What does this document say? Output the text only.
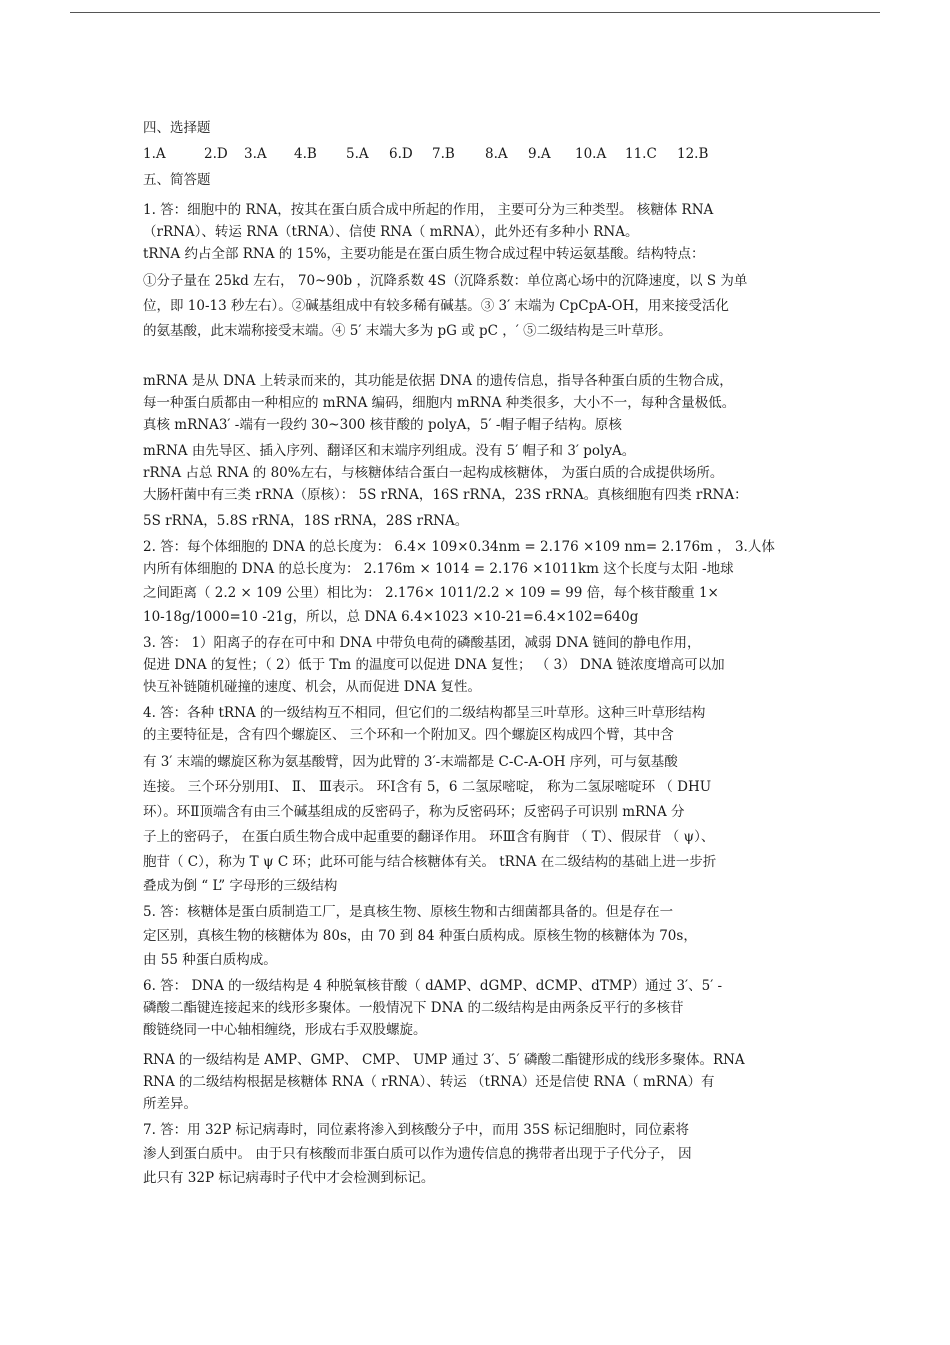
四、选择题
1.A	2.D	3.A	4.B	5.A	6.D	7.B	8.A	9.A	10.A	11.C	12.B
五、简答题
1. 答：细胞中的 RNA，按其在蛋白质合成中所起的作用， 主要可分为三种类型。 核糖体 RNA
（rRNA）、转运 RNA（tRNA）、信使 RNA（ mRNA），此外还有多种小 RNA。
tRNA 约占全部 RNA 的 15%，主要功能是在蛋白质生物合成过程中转运氨基酸。结构特点：
①分子量在 25kd 左右， 70~90b ，沉降系数 4S（沉降系数：单位离心场中的沉降速度，以 S 为单
位，即 10-13 秒左右）。②碱基组成中有较多稀有碱基。③ 3′ 末端为 CpCpA-OH，用来接受活化
的氨基酸，此末端称接受末端。④ 5′ 末端大多为 pG 或 pC ，′ ⑤二级结构是三叶草形。
mRNA 是从 DNA 上转录而来的，其功能是依据 DNA 的遗传信息，指导各种蛋白质的生物合成，
每一种蛋白质都由一种相应的 mRNA 编码，细胞内 mRNA 种类很多，大小不一，每种含量极低。
真核 mRNA3′ -端有一段约 30~300 核苷酸的 polyA，5′ -帽子帽子结构。原核
mRNA 由先导区、插入序列、翻译区和末端序列组成。没有 5′ 帽子和 3′ polyA。
rRNA 占总 RNA 的 80%左右，与核糖体结合蛋白一起构成核糖体， 为蛋白质的合成提供场所。
大肠杆菌中有三类 rRNA（原核）： 5S rRNA，16S rRNA，23S rRNA。真核细胞有四类 rRNA：
5S rRNA，5.8S rRNA，18S rRNA，28S rRNA。
2. 答：每个体细胞的 DNA 的总长度为： 6.4× 109×0.34nm = 2.176 ×109 nm= 2.176m ， 3.人体
内所有体细胞的 DNA 的总长度为： 2.176m × 1014 = 2.176 ×1011km 这个长度与太阳 -地球
之间距离（ 2.2 × 109 公里）相比为： 2.176× 1011/2.2 × 109 = 99 倍，每个核苷酸重 1×
10-18g/1000=10 -21g，所以，总 DNA 6.4×1023 ×10-21=6.4×102=640g
3. 答： 1）阳离子的存在可中和 DNA 中带负电荷的磷酸基团，减弱 DNA 链间的静电作用，
促进 DNA 的复性；（ 2）低于 Tm 的温度可以促进 DNA 复性； （ 3） DNA 链浓度增高可以加
快互补链随机碰撞的速度、机会，从而促进 DNA 复性。
4. 答：各种 tRNA 的一级结构互不相同，但它们的二级结构都呈三叶草形。这种三叶草形结构
的主要特征是，含有四个螺旋区、 三个环和一个附加叉。四个螺旋区构成四个臂，其中含
有 3′ 末端的螺旋区称为氨基酸臂，因为此臂的 3′-末端都是 C-C-A-OH 序列，可与氨基酸
连接。 三个环分别用Ⅰ、 Ⅱ、 Ⅲ表示。 环Ⅰ含有 5，6 二氢尿嘧啶， 称为二氢尿嘧啶环 （ DHU
环）。环Ⅱ顶端含有由三个碱基组成的反密码子，称为反密码环；反密码子可识别 mRNA 分
子上的密码子， 在蛋白质生物合成中起重要的翻译作用。 环Ⅲ含有胸苷 （ T）、假尿苷 （ ψ）、
胞苷（ C），称为 T ψ C 环；此环可能与结合核糖体有关。 tRNA 在二级结构的基础上进一步折
叠成为倒 “ L” 字母形的三级结构
5. 答：核糖体是蛋白质制造工厂，是真核生物、原核生物和古细菌都具备的。但是存在一
定区别，真核生物的核糖体为 80s，由 70 到 84 种蛋白质构成。原核生物的核糖体为 70s，
由 55 种蛋白质构成。
6. 答： DNA 的一级结构是 4 种脱氧核苷酸（ dAMP、dGMP、dCMP、dTMP）通过 3′、5′ -
磷酸二酯键连接起来的线形多聚体。一般情况下 DNA 的二级结构是由两条反平行的多核苷
酸链绕同一中心轴相缠绕，形成右手双股螺旋。
RNA 的一级结构是 AMP、GMP、 CMP、 UMP 通过 3′、5′ 磷酸二酯键形成的线形多聚体。RNA
RNA 的二级结构根据是核糖体 RNA（ rRNA）、转运 （tRNA）还是信使 RNA（ mRNA）有
所差异。
7. 答：用 32P 标记病毒时，同位素将渗入到核酸分子中，而用 35S 标记细胞时，同位素将
渗人到蛋白质中。 由于只有核酸而非蛋白质可以作为遗传信息的携带者出现于子代分子， 因
此只有 32P 标记病毒时子代中才会检测到标记。
